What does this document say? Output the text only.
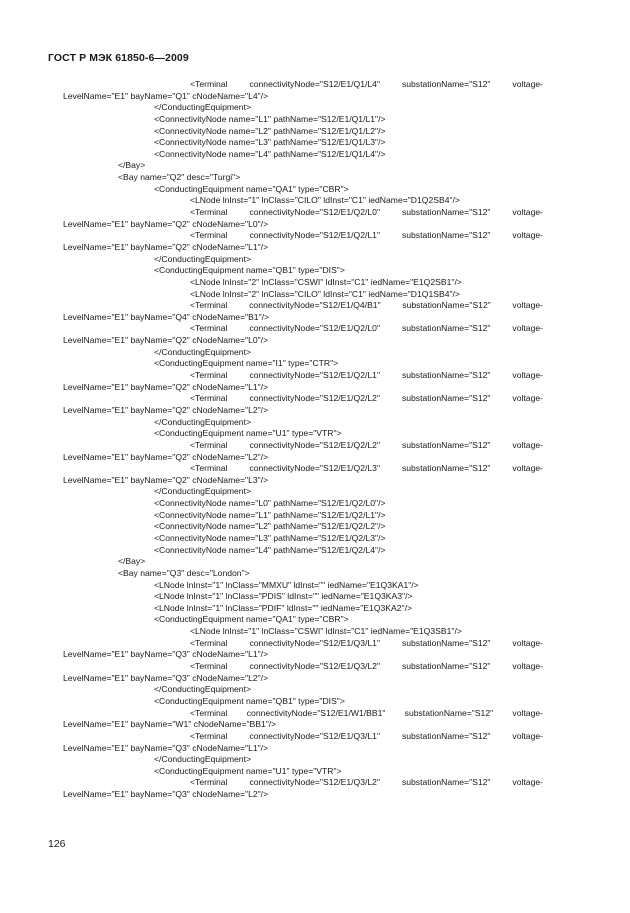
ГОСТ Р МЭК 61850-6—2009
<Terminal connectivityNode="S12/E1/Q1/L4" substationName="S12" voltage-
LevelName="E1" bayName="Q1" cNodeName="L4"/>
</ConductingEquipment>
<ConnectivityNode name="L1" pathName="S12/E1/Q1/L1"/>
<ConnectivityNode name="L2" pathName="S12/E1/Q1/L2"/>
<ConnectivityNode name="L3" pathName="S12/E1/Q1/L3"/>
<ConnectivityNode name="L4" pathName="S12/E1/Q1/L4"/>
</Bay>
<Bay name="Q2" desc="Turgi">
<ConductingEquipment name="QA1" type="CBR">
<LNode lnInst="1" lnClass="CILO" ldInst="C1" iedName="D1Q2SB4"/>
<Terminal connectivityNode="S12/E1/Q2/L0" substationName="S12" voltage-
LevelName="E1" bayName="Q2" cNodeName="L0"/>
<Terminal connectivityNode="S12/E1/Q2/L1" substationName="S12" voltage-
LevelName="E1" bayName="Q2" cNodeName="L1"/>
</ConductingEquipment>
<ConductingEquipment name="QB1" type="DIS">
<LNode lnInst="2" lnClass="CSWI" ldInst="C1" iedName="E1Q2SB1"/>
<LNode lnInst="2" lnClass="CILO" ldInst="C1" iedName="D1Q1SB4"/>
<Terminal connectivityNode="S12/E1/Q4/B1" substationName="S12" voltage-
LevelName="E1" bayName="Q4" cNodeName="B1"/>
<Terminal connectivityNode="S12/E1/Q2/L0" substationName="S12" voltage-
LevelName="E1" bayName="Q2" cNodeName="L0"/>
</ConductingEquipment>
<ConductingEquipment name="I1" type="CTR">
<Terminal connectivityNode="S12/E1/Q2/L1" substationName="S12" voltage-
LevelName="E1" bayName="Q2" cNodeName="L1"/>
<Terminal connectivityNode="S12/E1/Q2/L2" substationName="S12" voltage-
LevelName="E1" bayName="Q2" cNodeName="L2"/>
</ConductingEquipment>
<ConductingEquipment name="U1" type="VTR">
<Terminal connectivityNode="S12/E1/Q2/L2" substationName="S12" voltage-
LevelName="E1" bayName="Q2" cNodeName="L2"/>
<Terminal connectivityNode="S12/E1/Q2/L3" substationName="S12" voltage-
LevelName="E1" bayName="Q2" cNodeName="L3"/>
</ConductingEquipment>
<ConnectivityNode name="L0" pathName="S12/E1/Q2/L0"/>
<ConnectivityNode name="L1" pathName="S12/E1/Q2/L1"/>
<ConnectivityNode name="L2" pathName="S12/E1/Q2/L2"/>
<ConnectivityNode name="L3" pathName="S12/E1/Q2/L3"/>
<ConnectivityNode name="L4" pathName="S12/E1/Q2/L4"/>
</Bay>
<Bay name="Q3" desc="London">
<LNode lnInst="1" lnClass="MMXU" ldInst="" iedName="E1Q3KA1"/>
<LNode lnInst="1" lnClass="PDIS" ldInst="" iedName="E1Q3KA3"/>
<LNode lnInst="1" lnClass="PDIF" ldInst="" iedName="E1Q3KA2"/>
<ConductingEquipment name="QA1" type="CBR">
<LNode lnInst="1" lnClass="CSWI" ldInst="C1" iedName="E1Q3SB1"/>
<Terminal connectivityNode="S12/E1/Q3/L1" substationName="S12" voltage-
LevelName="E1" bayName="Q3" cNodeName="L1"/>
<Terminal connectivityNode="S12/E1/Q3/L2" substationName="S12" voltage-
LevelName="E1" bayName="Q3" cNodeName="L2"/>
</ConductingEquipment>
<ConductingEquipment name="QB1" type="DIS">
<Terminal connectivityNode="S12/E1/W1/BB1" substationName="S12" voltage-
LevelName="E1" bayName="W1" cNodeName="BB1"/>
<Terminal connectivityNode="S12/E1/Q3/L1" substationName="S12" voltage-
LevelName="E1" bayName="Q3" cNodeName="L1"/>
</ConductingEquipment>
<ConductingEquipment name="U1" type="VTR">
<Terminal connectivityNode="S12/E1/Q3/L2" substationName="S12" voltage-
LevelName="E1" bayName="Q3" cNodeName="L2"/>
126
